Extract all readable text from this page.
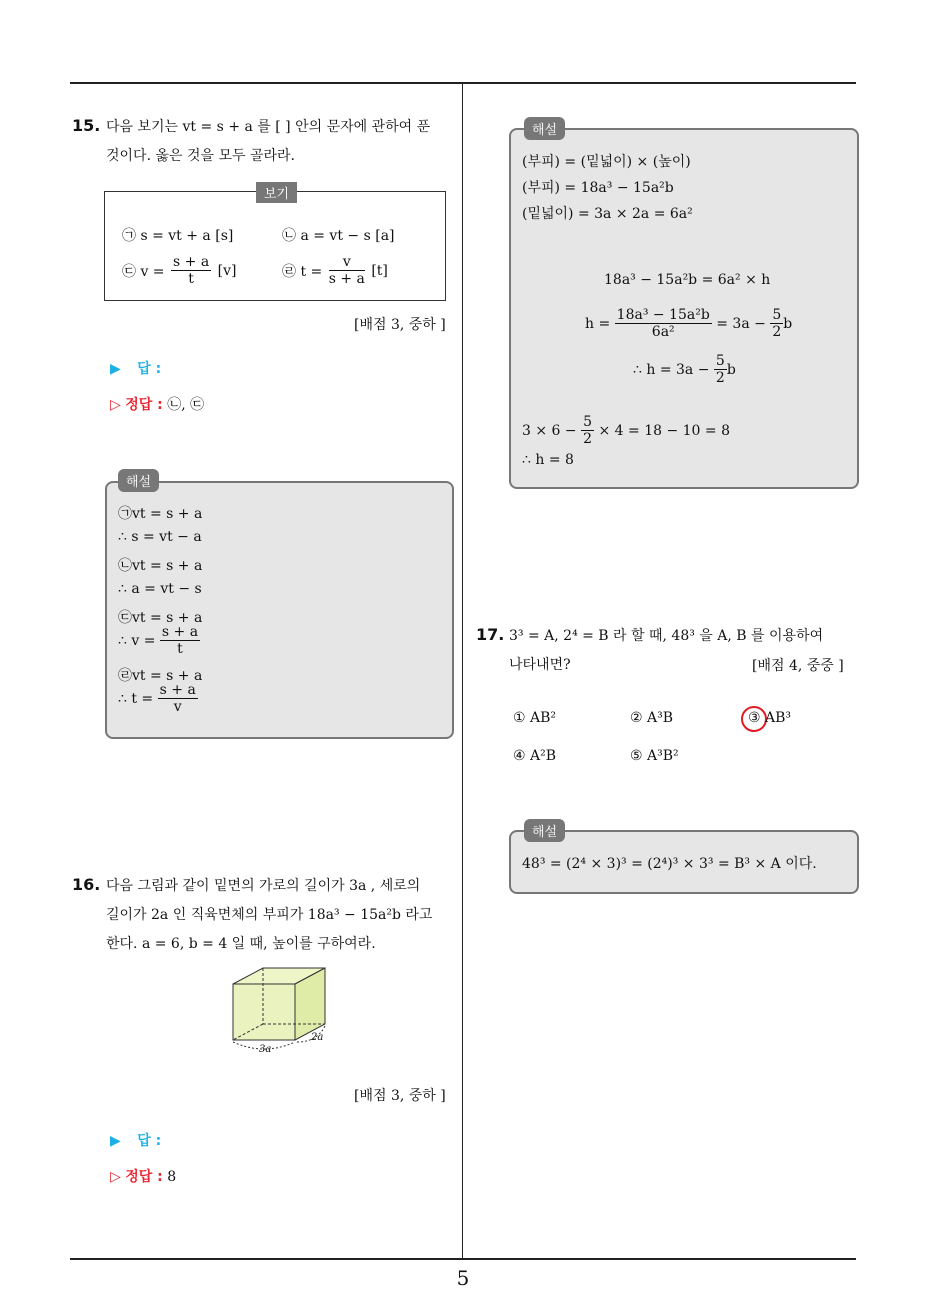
15. 다음 보기는 vt = s + a 를 [ ] 안의 문자에 관하여 푼
것이다. 옳은 것을 모두 골라라.
보기
㉠ s = vt + a [s]	㉡ a = vt − s [a]
㉢ $v = \frac{s + a}{t} [v]$	㉣ $t = \frac{v}{s + a} [t]$
[배점 3, 중하 ]
▶ 답 :
▷ 정답 : ㉡, ㉢
해설
㉠vt = s + a
∴ s = vt − a
㉡vt = s + a
∴ a = vt − s
㉢vt = s + a
∴ $v = \frac{s + a}{t}$
㉣vt = s + a
∴ $t = \frac{s + a}{v}$
16. 다음 그림과 같이 밑면의 가로의 길이가 3a , 세로의
길이가 2a 인 직육면체의 부피가 18a³ − 15a²b 라고
한다. a = 6, b = 4 일 때, 높이를 구하여라.
3a
2a
[배점 3, 중하 ]
▶ 답 :
▷ 정답 : 8
해설
(부피) = (밑넓이) × (높이)
(부피) = 18a³ − 15a²b
(밑넓이) = 3a × 2a = 6a²
18a³ − 15a²b = 6a² × h
$h = \frac{\text{18a³ − 15a²b}}{\text{6a²}} = 3a - \frac{5}{2}$ b
∴ $h = 3a - \frac{5}{2}$ b
$3 \times 6 - \frac{5}{2} \times 4 = 18 - 10 = 8$
∴ h = 8
17. 3³ = A, 2⁴ = B 라 할 때, 48³ 을 A, B 를 이용하여
나타내면?	[배점 4, 중중 ]
① AB²	② A³B	③ AB³
④ A²B	⑤ A³B²
해설
48³ = (2⁴ × 3)³ = (2⁴)³ × 3³ = B³ × A 이다.
5
